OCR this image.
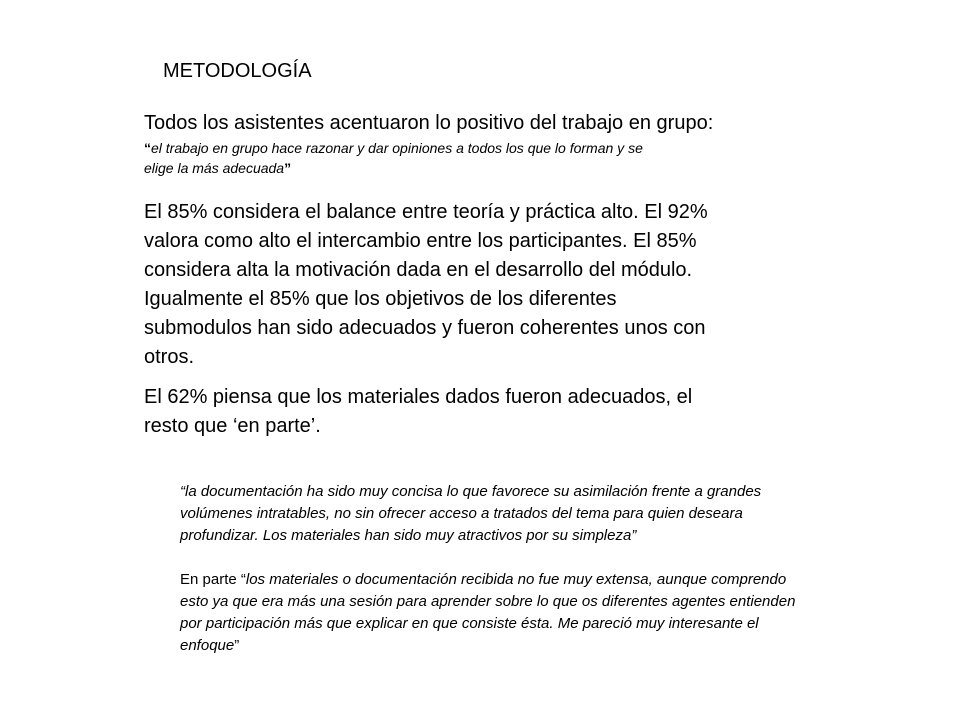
METODOLOGÍA

Todos los asistentes acentuaron lo positivo del trabajo en grupo:

“el trabajo en grupo hace razonar y dar opiniones a todos los que lo forman y se
elige la más adecuada”

El 85% considera el balance entre teoría y práctica alto. El 92%
valora como alto el intercambio entre los participantes. El 85%
considera alta la motivación dada en el desarrollo del módulo.
Igualmente el 85% que los objetivos de los diferentes
submodulos han sido adecuados y fueron coherentes unos con
otros.

El 62% piensa que los materiales dados fueron adecuados, el
resto que ‘en parte’.

“la documentación ha sido muy concisa lo que favorece su asimilación frente a grandes
volúmenes intratables, no sin ofrecer acceso a tratados del tema para quien deseara
profundizar. Los materiales han sido muy atractivos por su simpleza”

En parte “los materiales o documentación recibida no fue muy extensa, aunque comprendo
esto ya que era más una sesión para aprender sobre lo que os diferentes agentes entienden
por participación más que explicar en que consiste ésta. Me pareció muy interesante el
enfoque”
